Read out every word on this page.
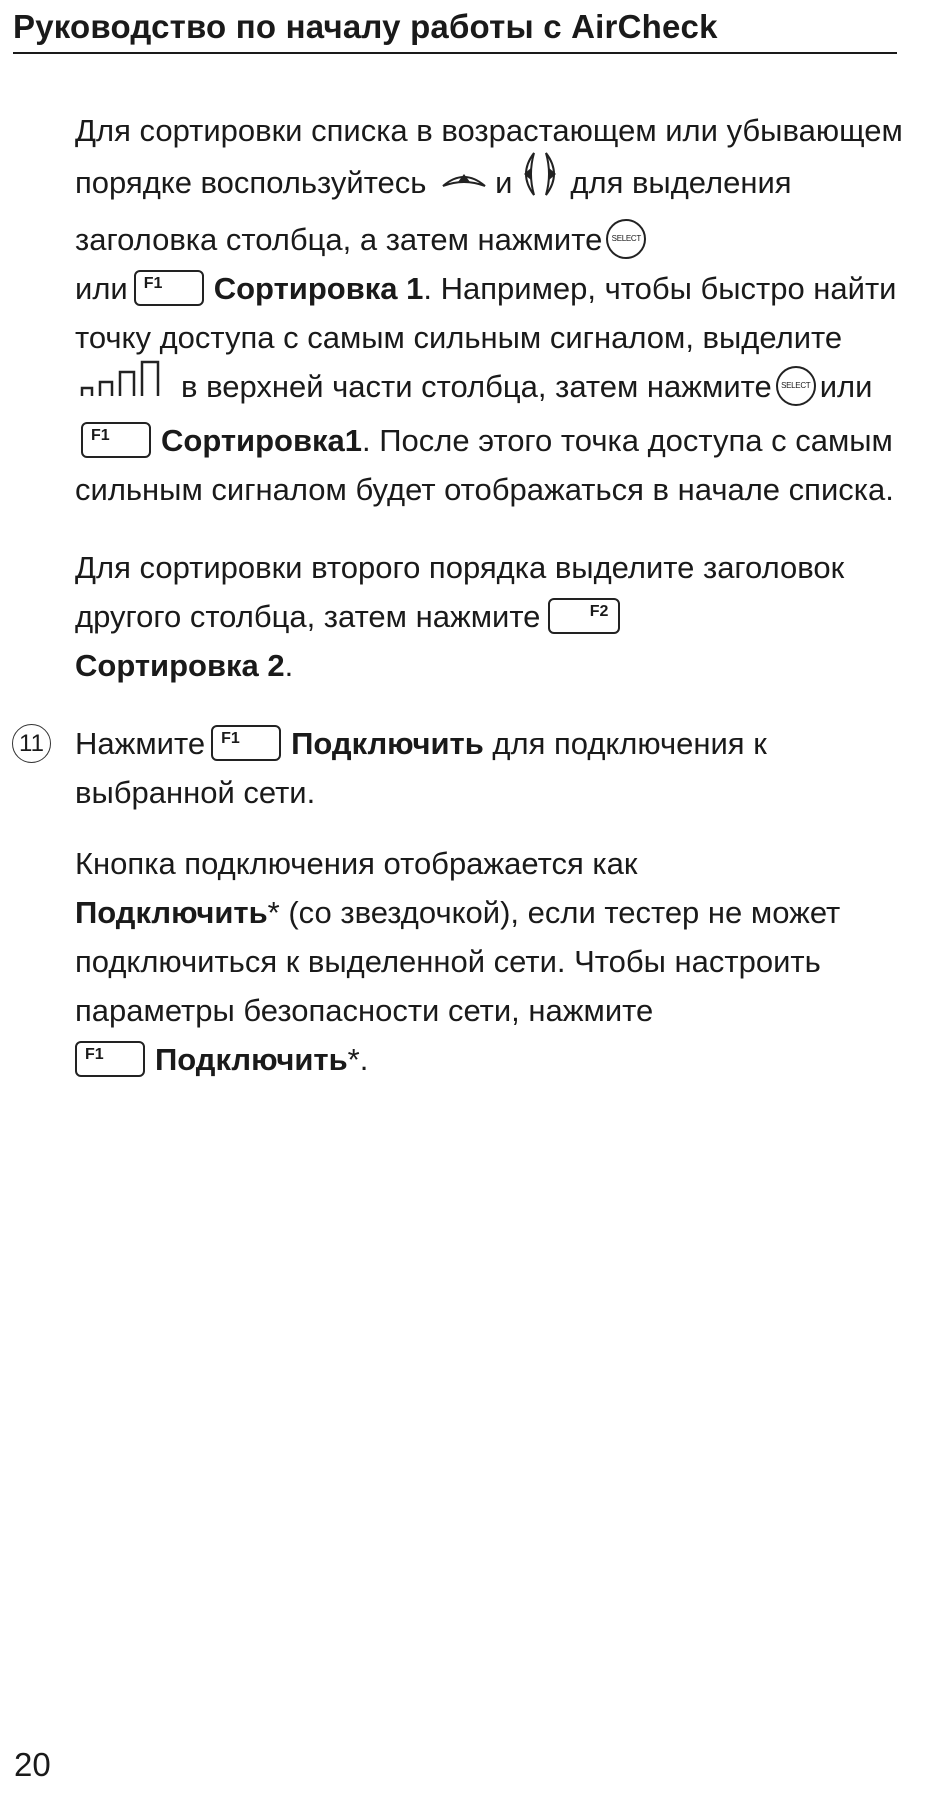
Руководство по началу работы с AirCheck

Для сортировки списка в возрастающем или убывающем порядке воспользуйтесь и для выделения заголовка столбца, а затем нажмите SELECT
или F1 Сортировка 1. Например, чтобы быстро найти точку доступа с самым сильным сигналом, выделитев верхней части столбца, затем нажмите SELECT или
F1 Сортировка1. После этого точка доступа с самым сильным сигналом будет отображаться в начале списка.

Для сортировки второго порядка выделите заголовок другого столбца, затем нажмите	F2

Сортировка 2.

11 Нажмите F1 Подключить для подключения к выбранной сети.

Кнопка подключения отображается как
Подключить* (со звездочкой), если тестер не может подключиться к выделенной сети. Чтобы настроить параметры безопасности сети, нажмите

F1 Подключить*.

20
